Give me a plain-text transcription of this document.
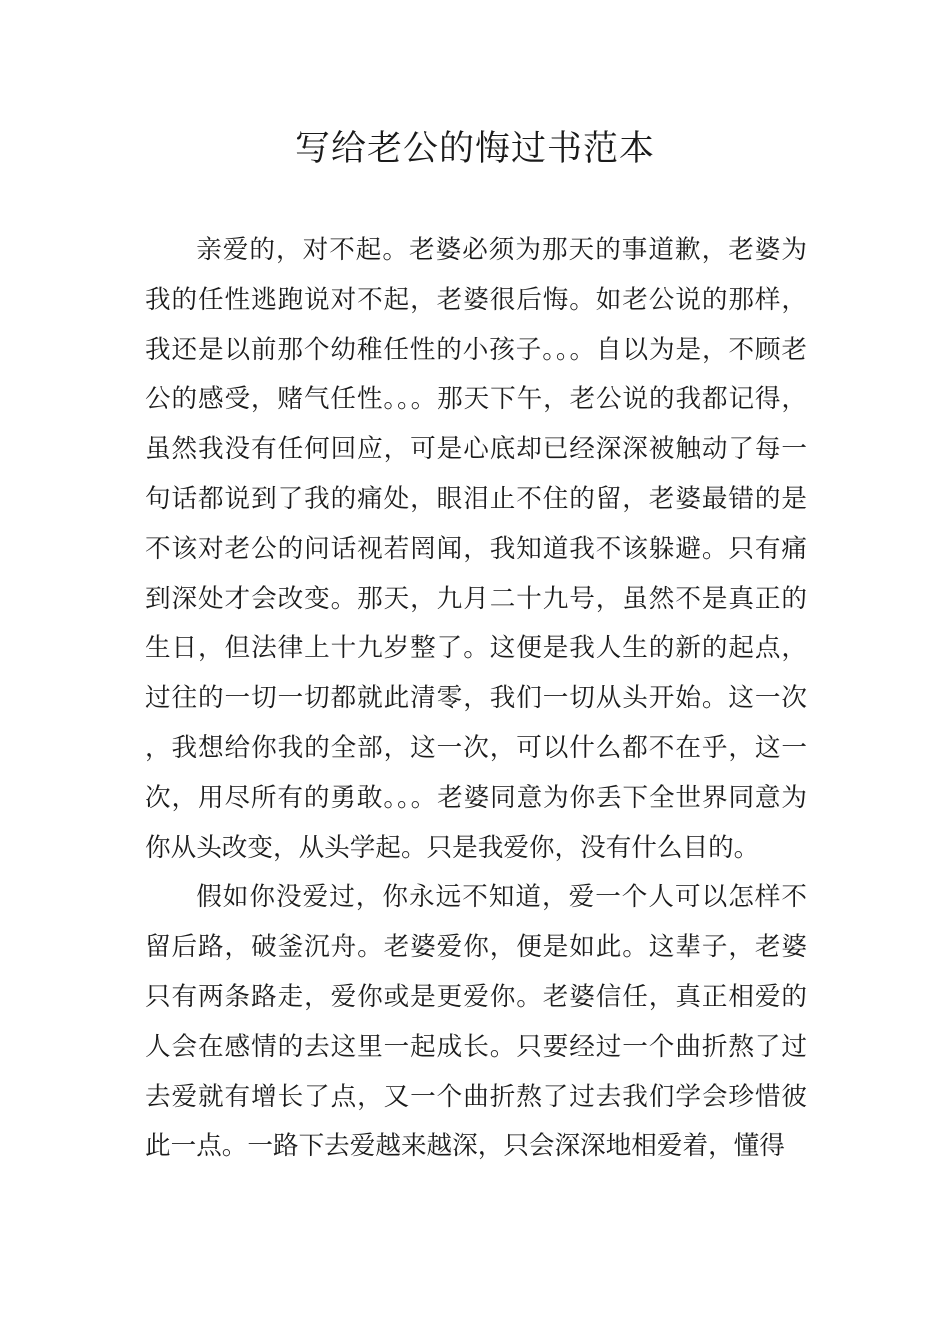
写给老公的悔过书范本

亲爱的，对不起。老婆必须为那天的事道歉，老婆为我的任性逃跑说对不起，老婆很后悔。如老公说的那样，我还是以前那个幼稚任性的小孩子。。。自以为是，不顾老公的感受，赌气任性。。。那天下午，老公说的我都记得，虽然我没有任何回应，可是心底却已经深深被触动了每一句话都说到了我的痛处，眼泪止不住的留，老婆最错的是不该对老公的问话视若罔闻，我知道我不该躲避。只有痛到深处才会改变。那天，九月二十九号，虽然不是真正的生日，但法律上十九岁整了。这便是我人生的新的起点，过往的一切一切都就此清零，我们一切从头开始。这一次，我想给你我的全部，这一次，可以什么都不在乎，这一次，用尽所有的勇敢。。。老婆同意为你丢下全世界同意为你从头改变，从头学起。只是我爱你，没有什么目的。

假如你没爱过，你永远不知道，爱一个人可以怎样不留后路，破釜沉舟。老婆爱你，便是如此。这辈子，老婆只有两条路走，爱你或是更爱你。老婆信任，真正相爱的人会在感情的去这里一起成长。只要经过一个曲折熬了过去爱就有增长了点，又一个曲折熬了过去我们学会珍惜彼此一点。一路下去爱越来越深，只会深深地相爱着，懂得
